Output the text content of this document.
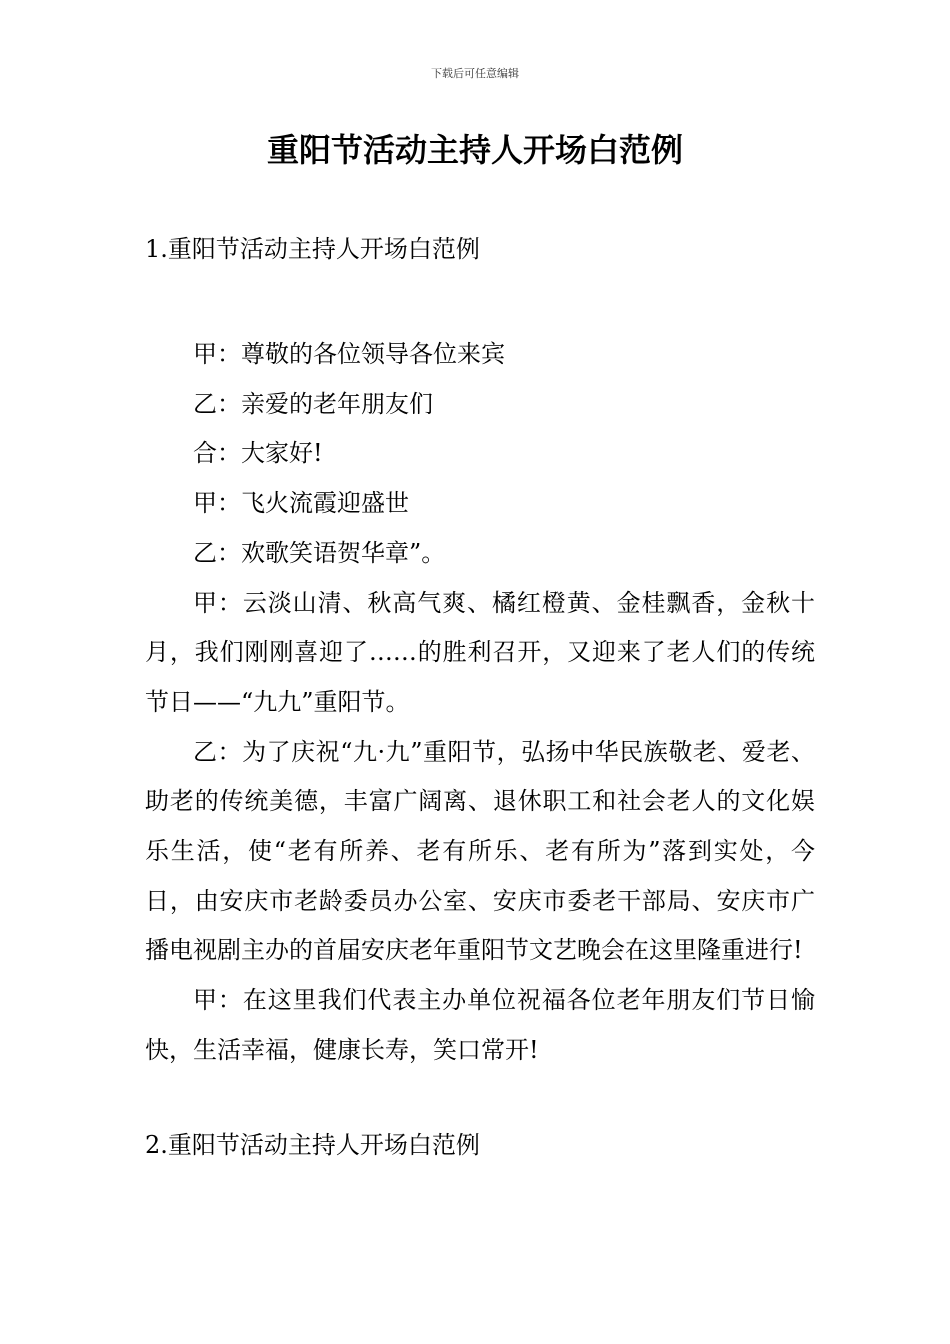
下载后可任意编辑
重阳节活动主持人开场白范例
1.重阳节活动主持人开场白范例

甲：尊敬的各位领导各位来宾

乙：亲爱的老年朋友们

合：大家好!

甲：飞火流霞迎盛世

乙：欢歌笑语贺华章”。

甲：云淡山清、秋高气爽、橘红橙黄、金桂飘香，金秋十月，我们刚刚喜迎了……的胜利召开，又迎来了老人们的传统节日——“九九”重阳节。

乙：为了庆祝“九·九”重阳节，弘扬中华民族敬老、爱老、助老的传统美德，丰富广阔离、退休职工和社会老人的文化娱乐生活，使“老有所养、老有所乐、老有所为”落到实处，今日，由安庆市老龄委员办公室、安庆市委老干部局、安庆市广播电视剧主办的首届安庆老年重阳节文艺晚会在这里隆重进行!

甲：在这里我们代表主办单位祝福各位老年朋友们节日愉快，生活幸福，健康长寿，笑口常开!

2.重阳节活动主持人开场白范例
